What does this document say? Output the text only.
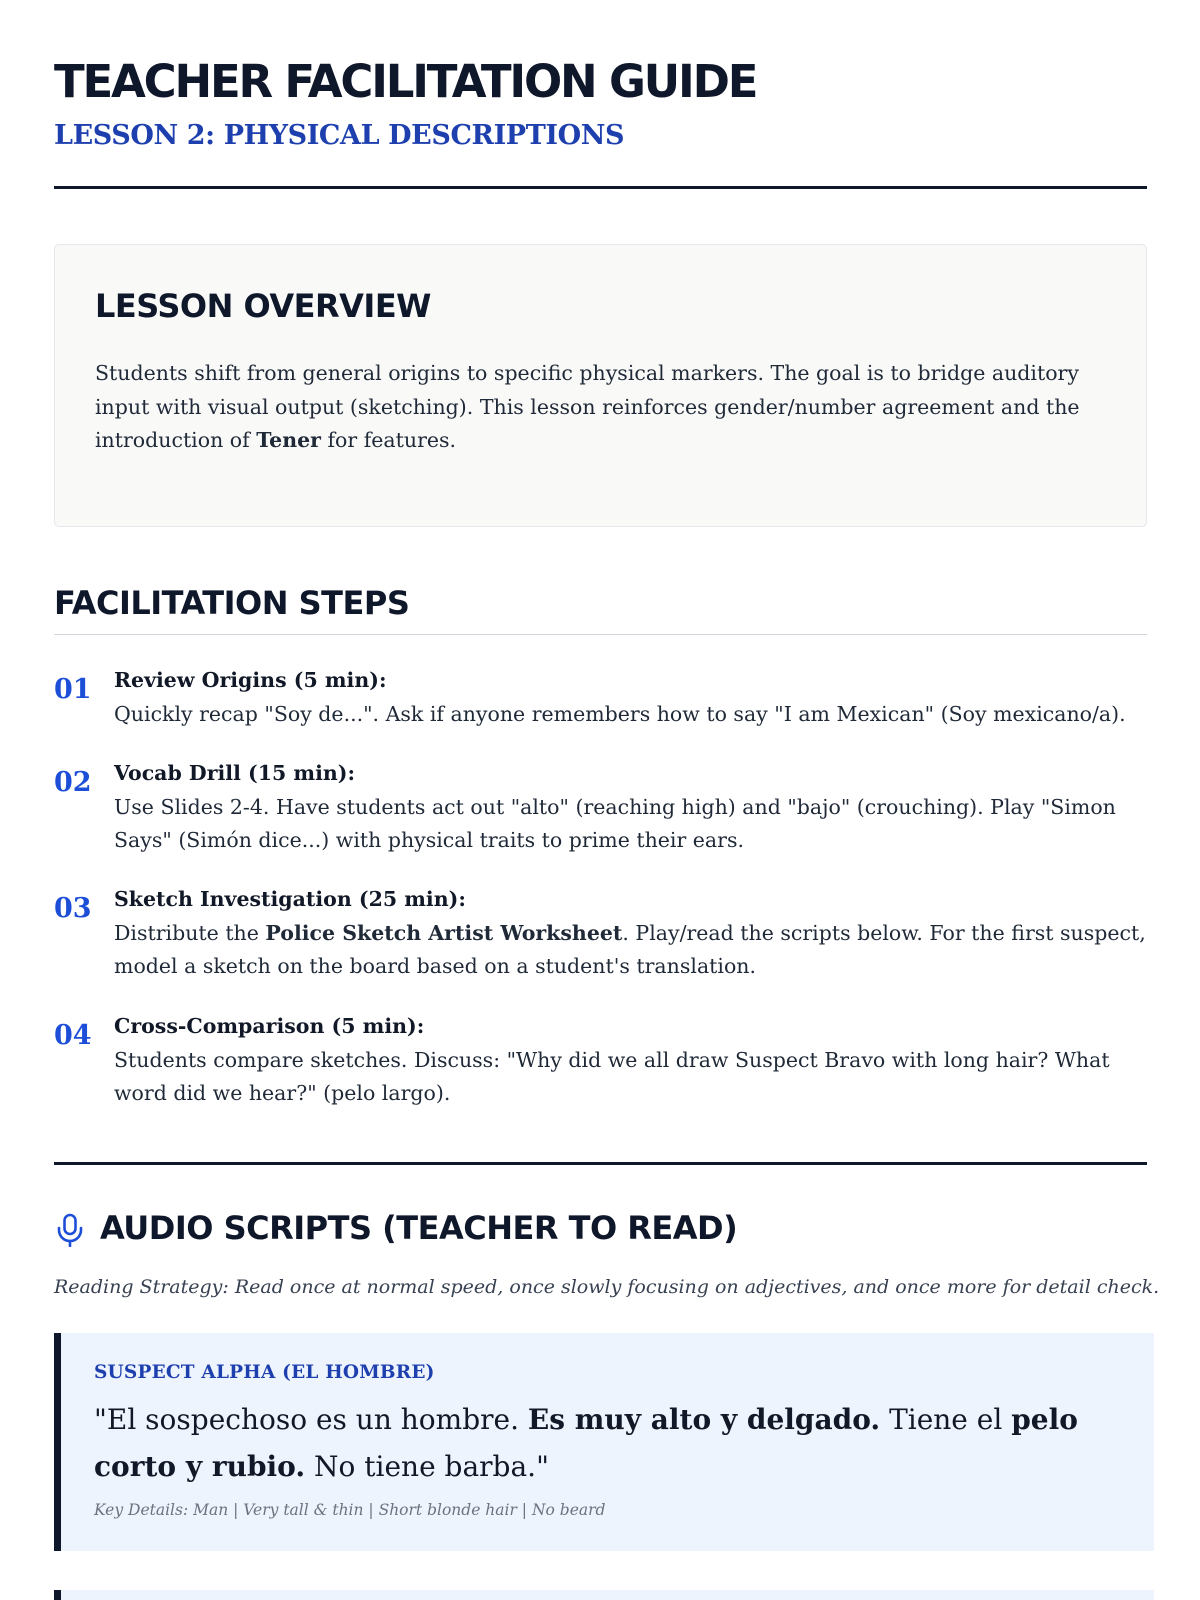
TEACHER FACILITATION GUIDE
LESSON 2: PHYSICAL DESCRIPTIONS
LESSON OVERVIEW

Students shift from general origins to specific physical markers. The goal is to bridge auditory input with visual output (sketching). This lesson reinforces gender/number agreement and the introduction of Tener for features.

FACILITATION STEPS
01 Review Origins (5 min):
Quickly recap "Soy de...". Ask if anyone remembers how to say "I am Mexican" (Soy mexicano/a).
02 Vocab Drill (15 min):
Use Slides 2-4. Have students act out "alto" (reaching high) and "bajo" (crouching). Play "Simon Says" (Simón dice...) with physical traits to prime their ears.
03 Sketch Investigation (25 min):
Distribute the Police Sketch Artist Worksheet. Play/read the scripts below. For the first suspect, model a sketch on the board based on a student's translation.
04 Cross-Comparison (5 min):
Students compare sketches. Discuss: "Why did we all draw Suspect Bravo with long hair? What word did we hear?" (pelo largo).
AUDIO SCRIPTS (TEACHER TO READ)

Reading Strategy: Read once at normal speed, once slowly focusing on adjectives, and once more for detail check.

SUSPECT ALPHA (EL HOMBRE)
"El sospechoso es un hombre. Es muy alto y delgado. Tiene el pelo corto y rubio. No tiene barba."
Key Details: Man | Very tall & thin | Short blonde hair | No beard
